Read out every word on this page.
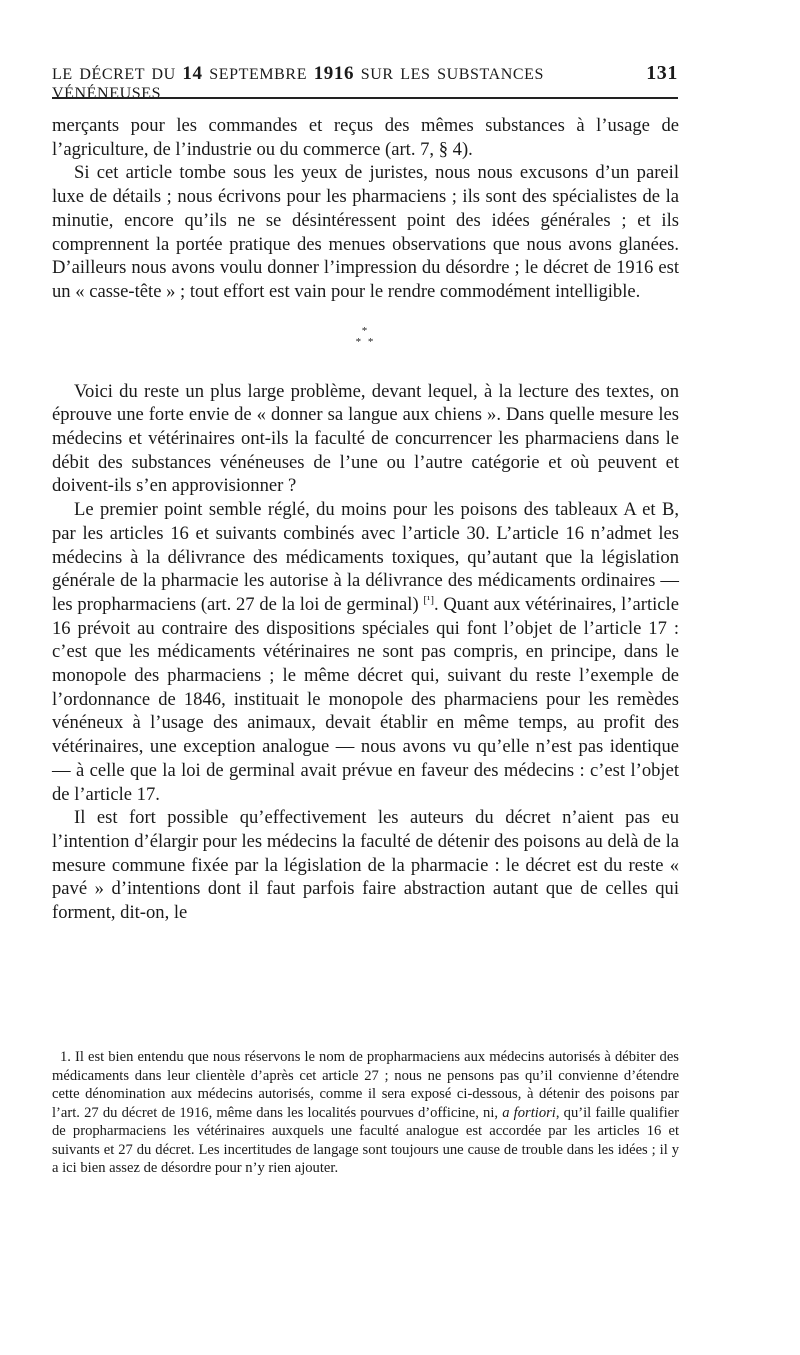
LE DÉCRET DU 14 SEPTEMBRE 1916 SUR LES SUBSTANCES VÉNÉNEUSES
131

merçants pour les commandes et reçus des mêmes substances à l’usage de l’agriculture, de l’industrie ou du commerce (art. 7, § 4).

Si cet article tombe sous les yeux de juristes, nous nous excusons d’un pareil luxe de détails ; nous écrivons pour les pharmaciens ; ils sont des spécialistes de la minutie, encore qu’ils ne se désintéressent point des idées générales ; et ils comprennent la portée pratique des menues observations que nous avons glanées. D’ailleurs nous avons voulu donner l’impression du désordre ; le décret de 1916 est un « casse-tête » ; tout effort est vain pour le rendre commodément intelligible.

*
* *

Voici du reste un plus large problème, devant lequel, à la lecture des textes, on éprouve une forte envie de « donner sa langue aux chiens ». Dans quelle mesure les médecins et vétérinaires ont-ils la faculté de concurrencer les pharmaciens dans le débit des substances vénéneuses de l’une ou l’autre catégorie et où peuvent et doivent-ils s’en approvisionner ?

Le premier point semble réglé, du moins pour les poisons des tableaux A et B, par les articles 16 et suivants combinés avec l’article 30. L’article 16 n’admet les médecins à la délivrance des médicaments toxiques, qu’autant que la législation générale de la pharmacie les autorise à la délivrance des médicaments ordinaires — les propharmaciens (art. 27 de la loi de germinal) [¹]. Quant aux vétérinaires, l’article 16 prévoit au contraire des dispositions spéciales qui font l’objet de l’article 17 : c’est que les médicaments vétérinaires ne sont pas compris, en principe, dans le monopole des pharmaciens ; le même décret qui, suivant du reste l’exemple de l’ordonnance de 1846, instituait le monopole des pharmaciens pour les remèdes vénéneux à l’usage des animaux, devait établir en même temps, au profit des vétérinaires, une exception analogue — nous avons vu qu’elle n’est pas identique — à celle que la loi de germinal avait prévue en faveur des médecins : c’est l’objet de l’article 17.

Il est fort possible qu’effectivement les auteurs du décret n’aient pas eu l’intention d’élargir pour les médecins la faculté de détenir des poisons au delà de la mesure commune fixée par la législation de la pharmacie : le décret est du reste « pavé » d’intentions dont il faut parfois faire abstraction autant que de celles qui forment, dit-on, le

1. Il est bien entendu que nous réservons le nom de propharmaciens aux médecins autorisés à débiter des médicaments dans leur clientèle d’après cet article 27 ; nous ne pensons pas qu’il convienne d’étendre cette dénomination aux médecins autorisés, comme il sera exposé ci-dessous, à détenir des poisons par l’art. 27 du décret de 1916, même dans les localités pourvues d’officine, ni, a fortiori, qu’il faille qualifier de propharmaciens les vétérinaires auxquels une faculté analogue est accordée par les articles 16 et suivants et 27 du décret. Les incertitudes de langage sont toujours une cause de trouble dans les idées ; il y a ici bien assez de désordre pour n’y rien ajouter.
